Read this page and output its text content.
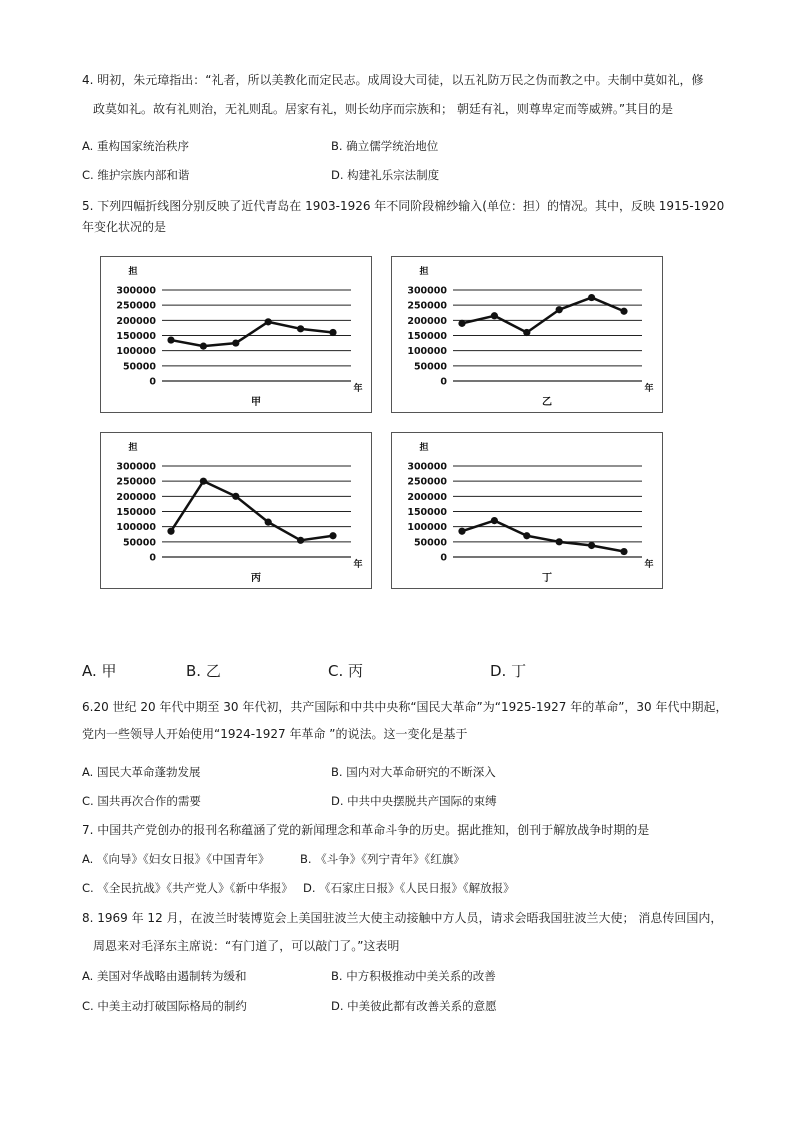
4. 明初，朱元璋指出：“礼者，所以美教化而定民志。成周设大司徒，以五礼防万民之伪而教之中。夫制中莫如礼，修
政莫如礼。故有礼则治，无礼则乱。居家有礼，则长幼序而宗族和； 朝廷有礼，则尊卑定而等威辨。”其目的是
A. 重构国家统治秩序	B. 确立儒学统治地位
C. 维护宗族内部和谐	D. 构建礼乐宗法制度
5. 下列四幅折线图分别反映了近代青岛在 1903-1926 年不同阶段棉纱输入(单位：担）的情况。其中，反映 1915-1920
年变化状况的是
300000
250000
200000
150000
100000
50000
0
担
年
甲
300000
250000
200000
150000
100000
50000
0
担
年
乙
300000
250000
200000
150000
100000
50000
0
担
年
丙
300000
250000
200000
150000
100000
50000
0
担
年
丁
A. 甲	B. 乙	C. 丙	D. 丁
6.20 世纪 20 年代中期至 30 年代初，共产国际和中共中央称“国民大革命”为“1925-1927 年的革命”，30 年代中期起，
党内一些领导人开始使用“1924-1927 年革命 ”的说法。这一变化是基于
A. 国民大革命蓬勃发展	B. 国内对大革命研究的不断深入
C. 国共再次合作的需要	D. 中共中央摆脱共产国际的束缚
7. 中国共产党创办的报刊名称蕴涵了党的新闻理念和革命斗争的历史。据此推知，创刊于解放战争时期的是
A. 《向导》《妇女日报》《中国青年》	B. 《斗争》《列宁青年》《红旗》
C. 《全民抗战》《共产党人》《新中华报》 D. 《石家庄日报》《人民日报》《解放报》
8. 1969 年 12 月，在波兰时装博览会上美国驻波兰大使主动接触中方人员，请求会晤我国驻波兰大使； 消息传回国内，
周恩来对毛泽东主席说：“有门道了，可以敲门了。”这表明
A. 美国对华战略由遏制转为缓和	B. 中方积极推动中美关系的改善
C. 中美主动打破国际格局的制约	D. 中美彼此都有改善关系的意愿
